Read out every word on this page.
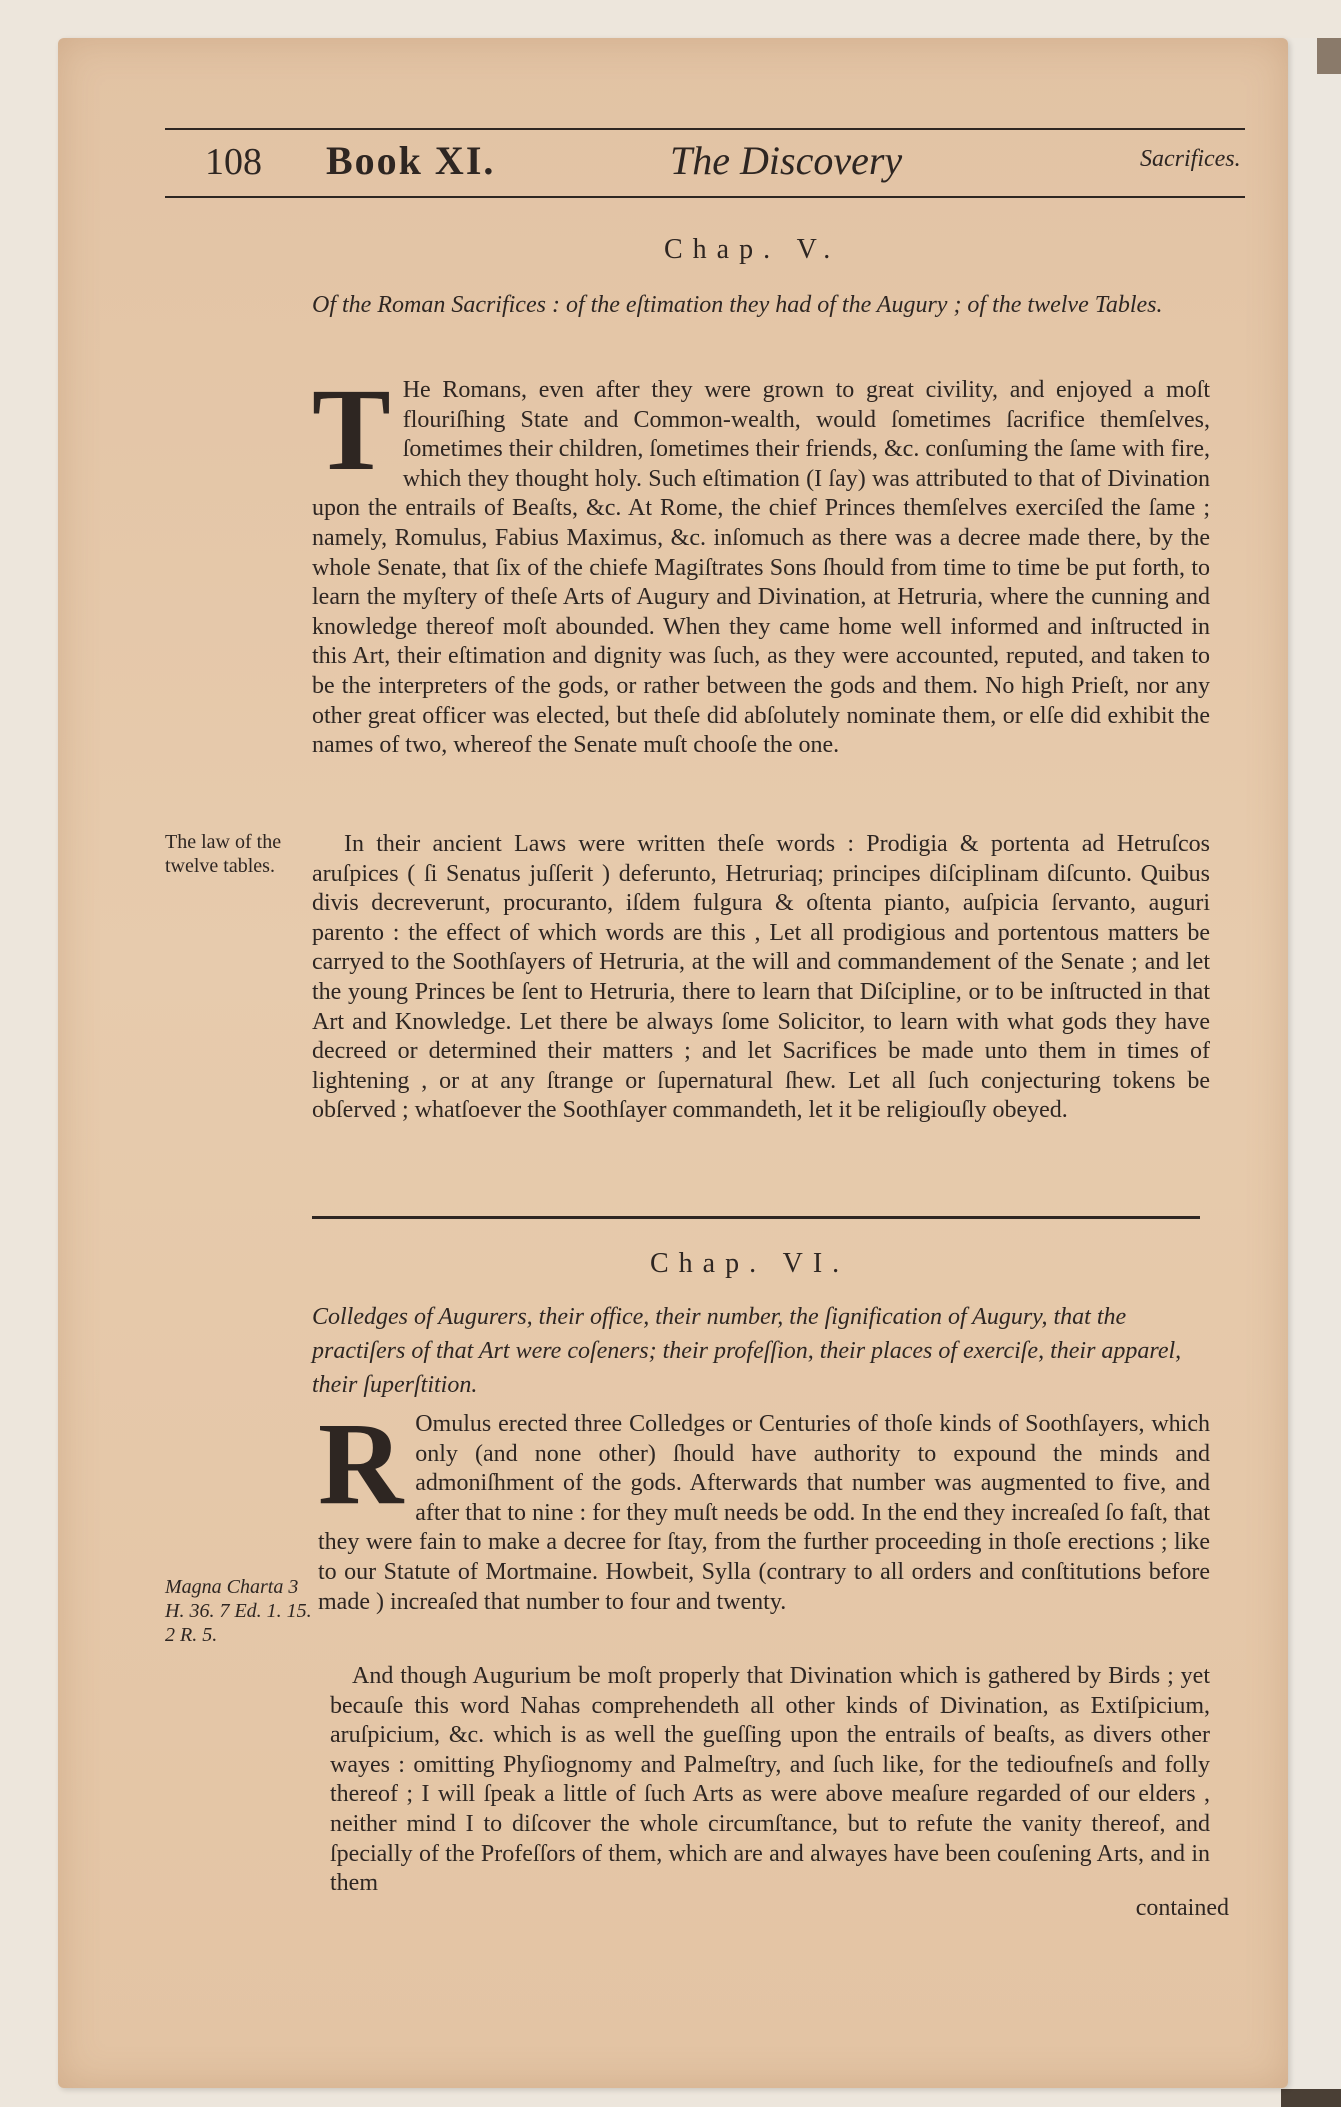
108 Book XI.	The Discovery	Sacrifices.
Chap. V.
Of the Roman Sacrifices : of the eſtimation they had of the Augury ; of the twelve Tables.
T He Romans, even after they were grown to great civility, and enjoyed a moſt flouriſhing State and Common-wealth, would ſometimes ſacrifice themſelves, ſometimes their children, ſometimes their friends, &c. conſuming the ſame with fire, which they thought holy. Such eſtimation (I ſay) was attributed to that of Divination upon the entrails of Beaſts, &c. At Rome, the chief Princes themſelves exerciſed the ſame ; namely, Romulus, Fabius Maximus, &c. inſomuch as there was a decree made there, by the whole Senate, that ſix of the chiefe Magiſtrates Sons ſhould from time to time be put forth, to learn the myſtery of theſe Arts of Augury and Divination, at Hetruria, where the cunning and knowledge thereof moſt abounded. When they came home well informed and inſtructed in this Art, their eſtimation and dignity was ſuch, as they were accounted, reputed, and taken to be the interpreters of the gods, or rather between the gods and them. No high Prieſt, nor any other great officer was elected, but theſe did abſolutely nominate them, or elſe did exhibit the names of two, whereof the Senate muſt chooſe the one.
The law of the twelve tables.
In their ancient Laws were written theſe words : Prodigia & portenta ad Hetruſcos aruſpices ( ſi Senatus juſſerit ) deferunto, Hetruriaq; principes diſciplinam diſcunto. Quibus divis decreverunt, procuranto, iſdem fulgura & oſtenta pianto, auſpicia ſervanto, auguri parento : the effect of which words are this , Let all prodigious and portentous matters be carryed to the Soothſayers of Hetruria, at the will and commandement of the Senate ; and let the young Princes be ſent to Hetruria, there to learn that Diſcipline, or to be inſtructed in that Art and Knowledge. Let there be always ſome Solicitor, to learn with what gods they have decreed or determined their matters ; and let Sacrifices be made unto them in times of lightening , or at any ſtrange or ſupernatural ſhew. Let all ſuch conjecturing tokens be obſerved ; whatſoever the Soothſayer commandeth, let it be religiouſly obeyed.
Chap. VI.
Colledges of Augurers, their office, their number, the ſignification of Augury, that the practiſers of that Art were coſeners; their profeſſion, their places of exerciſe, their apparel, their ſuperſtition.
R Omulus erected three Colledges or Centuries of thoſe kinds of Soothſayers, which only (and none other) ſhould have authority to expound the minds and admoniſhment of the gods. Afterwards that number was augmented to five, and after that to nine : for they muſt needs be odd. In the end they increaſed ſo faſt, that they were fain to make a decree for ſtay, from the further proceeding in thoſe erections ; like to our Statute of Mortmaine. Howbeit, Sylla (contrary to all orders and conſtitutions before made ) increaſed that number to four and twenty.
Magna Charta 3 H. 36. 7 Ed. 1. 15. 2 R. 5.
And though Augurium be moſt properly that Divination which is gathered by Birds ; yet becauſe this word Nahas comprehendeth all other kinds of Divination, as Extiſpicium, aruſpicium, &c. which is as well the gueſſing upon the entrails of beaſts, as divers other wayes : omitting Phyſiognomy and Palmeſtry, and ſuch like, for the tedioufneſs and folly thereof ; I will ſpeak a little of ſuch Arts as were above meaſure regarded of our elders , neither mind I to diſcover the whole circumſtance, but to refute the vanity thereof, and ſpecially of the Profeſſors of them, which are and alwayes have been couſening Arts, and in them
contained
